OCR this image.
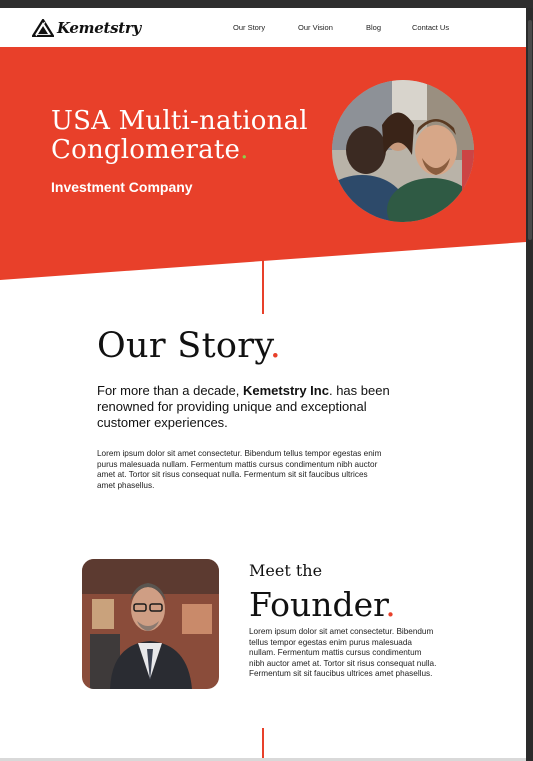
Kemetstry	Our Story	Our Vision	Blog	Contact Us
USA Multi-national
Conglomerate.
Investment Company
Our Story.
For more than a decade, Kemetstry Inc. has been renowned for providing unique and exceptional customer experiences.
Lorem ipsum dolor sit amet consectetur. Bibendum tellus tempor egestas enim purus malesuada nullam. Fermentum mattis cursus condimentum nibh auctor amet at. Tortor sit risus consequat nulla. Fermentum sit sit faucibus ultrices amet phasellus.
Meet the
Founder.
Lorem ipsum dolor sit amet consectetur. Bibendum tellus tempor egestas enim purus malesuada nullam. Fermentum mattis cursus condimentum nibh auctor amet at. Tortor sit risus consequat nulla. Fermentum sit sit faucibus ultrices amet phasellus.
